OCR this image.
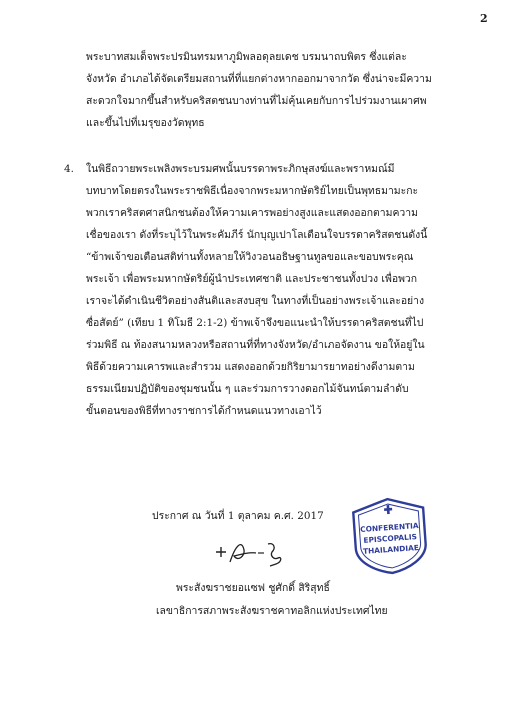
2
พระบาทสมเด็จพระปรมินทรมหาภูมิพลอดุลยเดช บรมนาถบพิตร ซึ่งแต่ละ
จังหวัด อำเภอได้จัดเตรียมสถานที่ที่แยกต่างหากออกมาจากวัด ซึ่งน่าจะมีความ
สะดวกใจมากขึ้นสำหรับคริสตชนบางท่านที่ไม่คุ้นเคยกับการไปร่วมงานเผาศพ
และขึ้นไปที่เมรุของวัดพุทธ
4. ในพิธีถวายพระเพลิงพระบรมศพนั้นบรรดาพระภิกษุสงฆ์และพราหมณ์มี
บทบาทโดยตรงในพระราชพิธีเนื่องจากพระมหากษัตริย์ไทยเป็นพุทธมามะกะ
พวกเราคริสตศาสนิกชนต้องให้ความเคารพอย่างสูงและแสดงออกตามความ
เชื่อของเรา ดังที่ระบุไว้ในพระคัมภีร์ นักบุญเปาโลเตือนใจบรรดาคริสตชนดังนี้
“ข้าพเจ้าขอเตือนสติท่านทั้งหลายให้วิงวอนอธิษฐานทูลขอและขอบพระคุณ
พระเจ้า เพื่อพระมหากษัตริย์ผู้นำประเทศชาติ และประชาชนทั้งปวง เพื่อพวก
เราจะได้ดำเนินชีวิตอย่างสันติและสงบสุข ในทางที่เป็นอย่างพระเจ้าและอย่าง
ซื่อสัตย์” (เทียบ 1 ทิโมธี 2:1-2) ข้าพเจ้าจึงขอแนะนำให้บรรดาคริสตชนที่ไป
ร่วมพิธี ณ ท้องสนามหลวงหรือสถานที่ที่ทางจังหวัด/อำเภอจัดงาน ขอให้อยู่ใน
พิธีด้วยความเคารพและสำรวม แสดงออกด้วยกิริยามารยาทอย่างดีงามตาม
ธรรมเนียมปฏิบัติของชุมชนนั้น ๆ และร่วมการวางดอกไม้จันทน์ตามลำดับ
ขั้นตอนของพิธีที่ทางราชการได้กำหนดแนวทางเอาไว้
ประกาศ ณ วันที่ 1 ตุลาคม ค.ศ. 2017
CONFERENTIA
EPISCOPALIS
THAILANDIAE
พระสังฆราชยอแซฟ ชูศักดิ์ สิริสุทธิ์
เลขาธิการสภาพระสังฆราชคาทอลิกแห่งประเทศไทย
